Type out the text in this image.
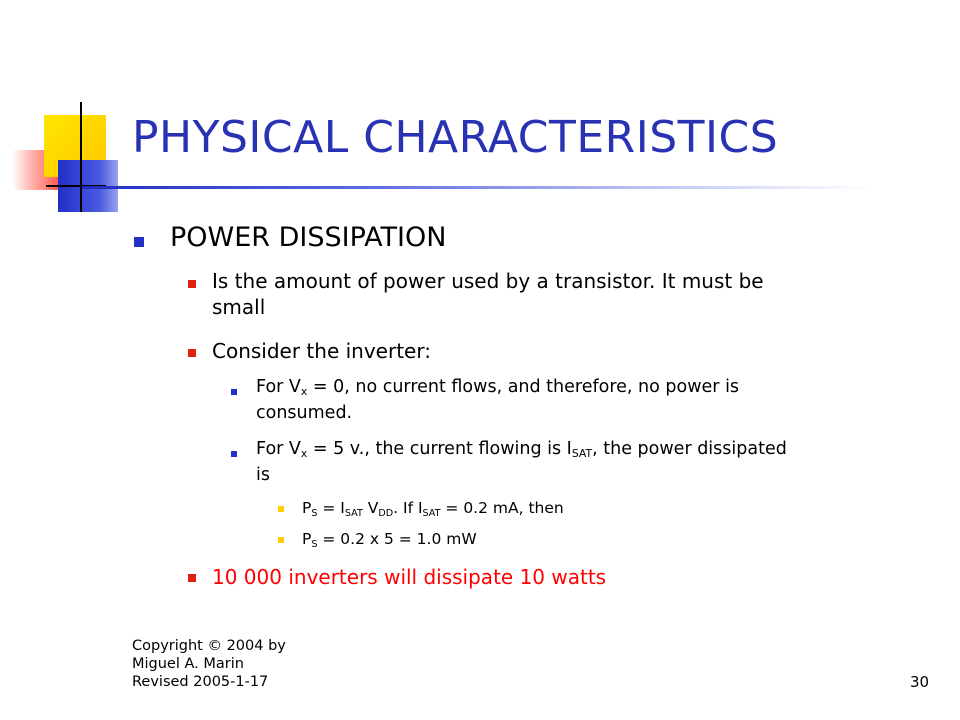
PHYSICAL CHARACTERISTICS
POWER DISSIPATION
Is the amount of power used by a transistor. It must be
small
Consider the inverter:
For $V_x = 0$, no current flows, and therefore, no power is
consumed.
For $V_x = 5$ v., the current flowing is $I_{SAT}$, the power dissipated
is
$P_S = I_{SAT}$ $V_{DD}$. If $I_{SAT} = 0.2$ mA, then
$P_S = 0.2$ x 5 = 1.0 mW
10 000 inverters will dissipate 10 watts
Copyright © 2004 by
Miguel A. Marin
Revised 2005-1-17	30
